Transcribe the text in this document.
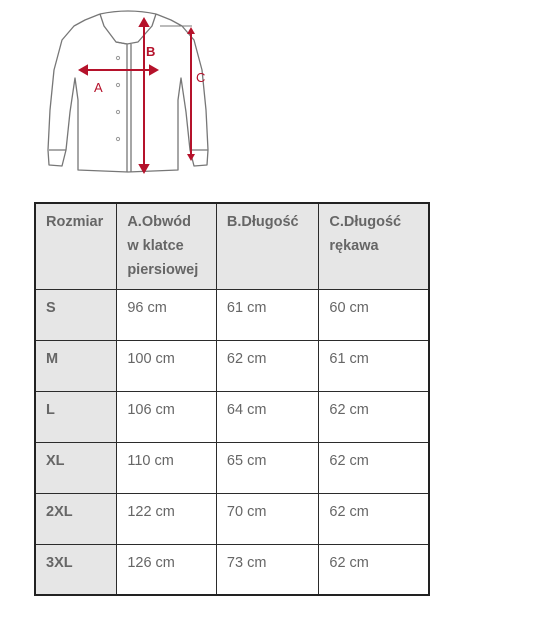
A
B
C
Rozmiar	A.Obwód w klatce piersiowej	B.Długość	C.Długość rękawa
S	96 cm	61 cm	60 cm
M	100 cm	62 cm	61 cm
L	106 cm	64 cm	62 cm
XL	110 cm	65 cm	62 cm
2XL	122 cm	70 cm	62 cm
3XL	126 cm	73 cm	62 cm
